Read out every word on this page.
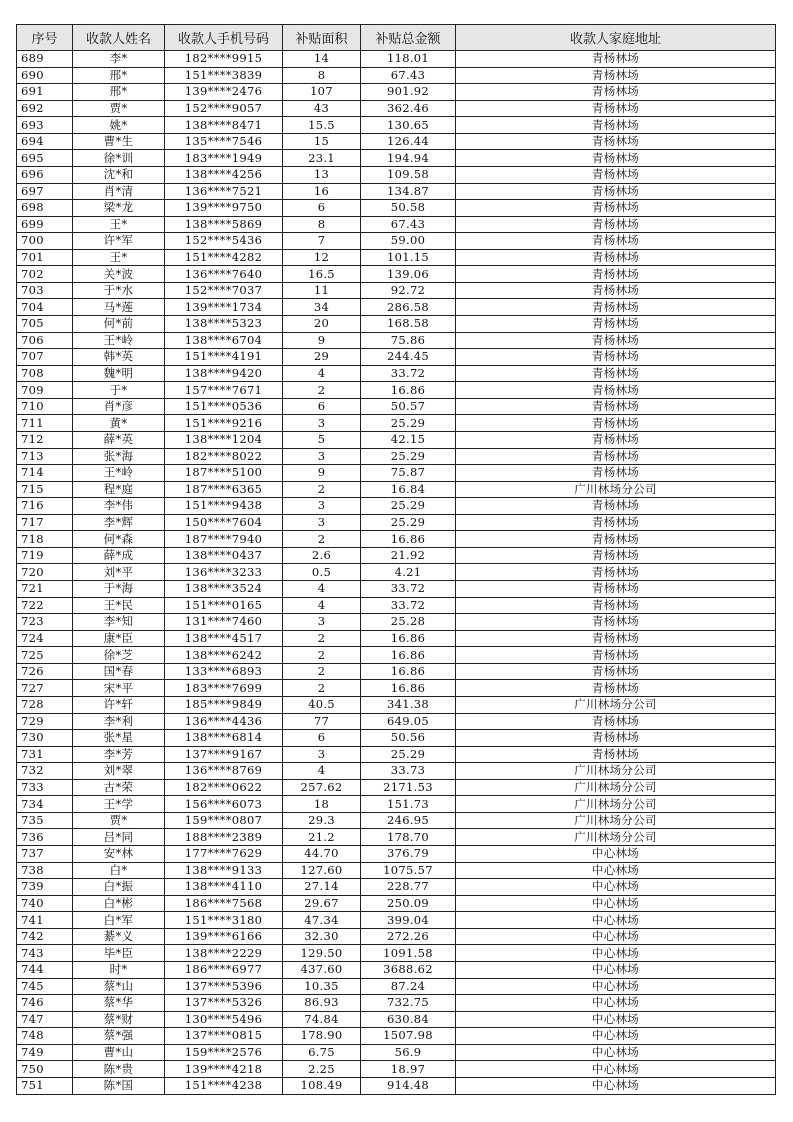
序号	收款人姓名	收款人手机号码	补贴面积	补贴总金额	收款人家庭地址
689	李*	182****9915	14	118.01	青杨林场
690	邢*	151****3839	8	67.43	青杨林场
691	邢*	139****2476	107	901.92	青杨林场
692	贾*	152****9057	43	362.46	青杨林场
693	姚*	138****8471	15.5	130.65	青杨林场
694	曹*生	135****7546	15	126.44	青杨林场
695	徐*训	183****1949	23.1	194.94	青杨林场
696	沈*和	138****4256	13	109.58	青杨林场
697	肖*清	136****7521	16	134.87	青杨林场
698	梁*龙	139****9750	6	50.58	青杨林场
699	王*	138****5869	8	67.43	青杨林场
700	许*军	152****5436	7	59.00	青杨林场
701	王*	151****4282	12	101.15	青杨林场
702	关*波	136****7640	16.5	139.06	青杨林场
703	于*水	152****7037	11	92.72	青杨林场
704	马*莲	139****1734	34	286.58	青杨林场
705	何*前	138****5323	20	168.58	青杨林场
706	王*岭	138****6704	9	75.86	青杨林场
707	韩*英	151****4191	29	244.45	青杨林场
708	魏*明	138****9420	4	33.72	青杨林场
709	于*	157****7671	2	16.86	青杨林场
710	肖*彦	151****0536	6	50.57	青杨林场
711	黄*	151****9216	3	25.29	青杨林场
712	薛*英	138****1204	5	42.15	青杨林场
713	张*海	182****8022	3	25.29	青杨林场
714	王*岭	187****5100	9	75.87	青杨林场
715	程*庭	187****6365	2	16.84	广川林场分公司
716	李*伟	151****9438	3	25.29	青杨林场
717	李*辉	150****7604	3	25.29	青杨林场
718	何*森	187****7940	2	16.86	青杨林场
719	薛*成	138****0437	2.6	21.92	青杨林场
720	刘*平	136****3233	0.5	4.21	青杨林场
721	于*海	138****3524	4	33.72	青杨林场
722	王*民	151****0165	4	33.72	青杨林场
723	李*知	131****7460	3	25.28	青杨林场
724	康*臣	138****4517	2	16.86	青杨林场
725	徐*芝	138****6242	2	16.86	青杨林场
726	国*春	133****6893	2	16.86	青杨林场
727	宋*平	183****7699	2	16.86	青杨林场
728	许*轩	185****9849	40.5	341.38	广川林场分公司
729	李*利	136****4436	77	649.05	青杨林场
730	张*星	138****6814	6	50.56	青杨林场
731	李*芳	137****9167	3	25.29	青杨林场
732	刘*翠	136****8769	4	33.73	广川林场分公司
733	古*荣	182****0622	257.62	2171.53	广川林场分公司
734	王*学	156****6073	18	151.73	广川林场分公司
735	贾*	159****0807	29.3	246.95	广川林场分公司
736	吕*同	188****2389	21.2	178.70	广川林场分公司
737	安*林	177****7629	44.70	376.79	中心林场
738	白*	138****9133	127.60	1075.57	中心林场
739	白*振	138****4110	27.14	228.77	中心林场
740	白*彬	186****7568	29.67	250.09	中心林场
741	白*军	151****3180	47.34	399.04	中心林场
742	綦*义	139****6166	32.30	272.26	中心林场
743	毕*臣	138****2229	129.50	1091.58	中心林场
744	时*	186****6977	437.60	3688.62	中心林场
745	蔡*山	137****5396	10.35	87.24	中心林场
746	蔡*华	137****5326	86.93	732.75	中心林场
747	蔡*财	130****5496	74.84	630.84	中心林场
748	蔡*强	137****0815	178.90	1507.98	中心林场
749	曹*山	159****2576	6.75	56.9	中心林场
750	陈*贵	139****4218	2.25	18.97	中心林场
751	陈*国	151****4238	108.49	914.48	中心林场
